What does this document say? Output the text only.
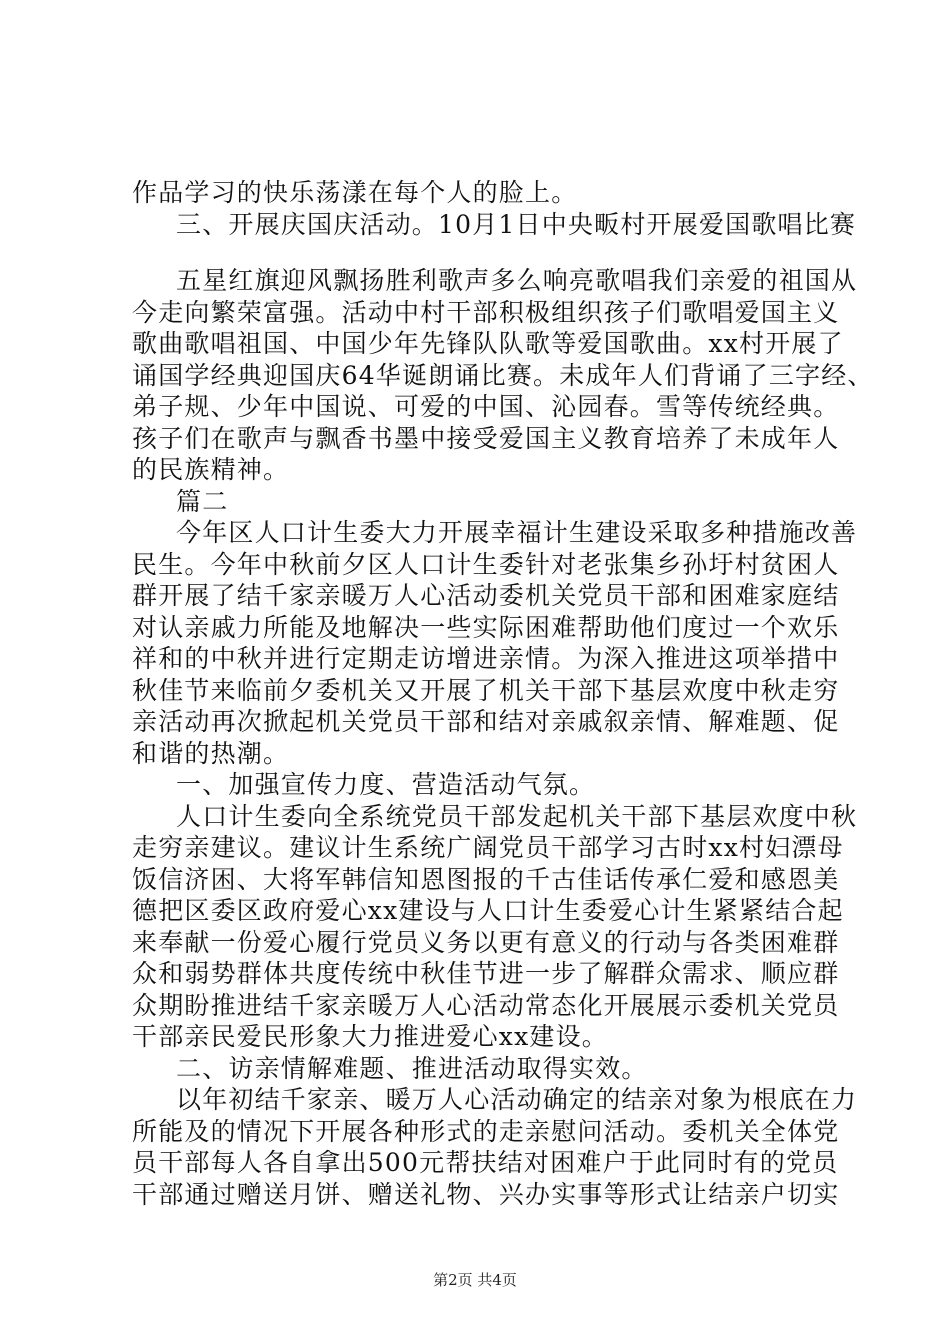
作品学习的快乐荡漾在每个人的脸上。
三、开展庆国庆活动。10月1日中央畈村开展爱国歌唱比赛
五星红旗迎风飘扬胜利歌声多么响亮歌唱我们亲爱的祖国从
今走向繁荣富强。活动中村干部积极组织孩子们歌唱爱国主义
歌曲歌唱祖国、中国少年先锋队队歌等爱国歌曲。xx村开展了
诵国学经典迎国庆64华诞朗诵比赛。未成年人们背诵了三字经、
弟子规、少年中国说、可爱的中国、沁园春。雪等传统经典。
孩子们在歌声与飘香书墨中接受爱国主义教育培养了未成年人
的民族精神。
篇二
今年区人口计生委大力开展幸福计生建设采取多种措施改善
民生。今年中秋前夕区人口计生委针对老张集乡孙圩村贫困人
群开展了结千家亲暖万人心活动委机关党员干部和困难家庭结
对认亲戚力所能及地解决一些实际困难帮助他们度过一个欢乐
祥和的中秋并进行定期走访增进亲情。为深入推进这项举措中
秋佳节来临前夕委机关又开展了机关干部下基层欢度中秋走穷
亲活动再次掀起机关党员干部和结对亲戚叙亲情、解难题、促
和谐的热潮。
一、加强宣传力度、营造活动气氛。
人口计生委向全系统党员干部发起机关干部下基层欢度中秋
走穷亲建议。建议计生系统广阔党员干部学习古时xx村妇漂母
饭信济困、大将军韩信知恩图报的千古佳话传承仁爱和感恩美
德把区委区政府爱心xx建设与人口计生委爱心计生紧紧结合起
来奉献一份爱心履行党员义务以更有意义的行动与各类困难群
众和弱势群体共度传统中秋佳节进一步了解群众需求、顺应群
众期盼推进结千家亲暖万人心活动常态化开展展示委机关党员
干部亲民爱民形象大力推进爱心xx建设。
二、访亲情解难题、推进活动取得实效。
以年初结千家亲、暖万人心活动确定的结亲对象为根底在力
所能及的情况下开展各种形式的走亲慰问活动。委机关全体党
员干部每人各自拿出500元帮扶结对困难户于此同时有的党员
干部通过赠送月饼、赠送礼物、兴办实事等形式让结亲户切实
第2页 共4页
